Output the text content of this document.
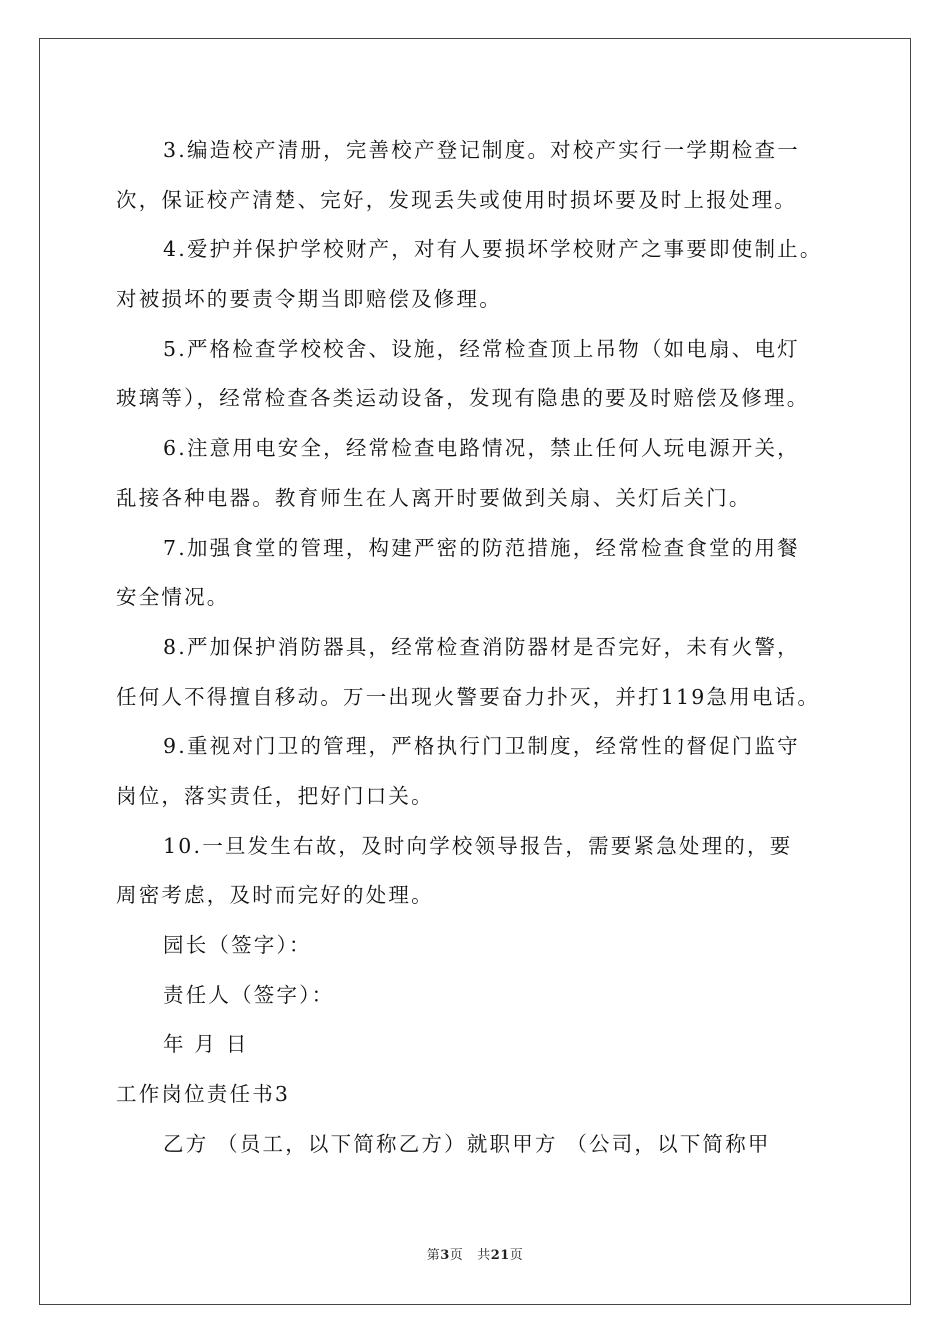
3.编造校产清册，完善校产登记制度。对校产实行一学期检查一
次，保证校产清楚、完好，发现丢失或使用时损坏要及时上报处理。
4.爱护并保护学校财产，对有人要损坏学校财产之事要即使制止。
对被损坏的要责令期当即赔偿及修理。
5.严格检查学校校舍、设施，经常检查顶上吊物（如电扇、电灯
玻璃等），经常检查各类运动设备，发现有隐患的要及时赔偿及修理。
6.注意用电安全，经常检查电路情况，禁止任何人玩电源开关，
乱接各种电器。教育师生在人离开时要做到关扇、关灯后关门。
7.加强食堂的管理，构建严密的防范措施，经常检查食堂的用餐
安全情况。
8.严加保护消防器具，经常检查消防器材是否完好，未有火警，
任何人不得擅自移动。万一出现火警要奋力扑灭，并打119急用电话。
9.重视对门卫的管理，严格执行门卫制度，经常性的督促门监守
岗位，落实责任，把好门口关。
10.一旦发生右故，及时向学校领导报告，需要紧急处理的，要
周密考虑，及时而完好的处理。
园长（签字）：
责任人（签字）：
年 月 日
工作岗位责任书3
乙方 （员工，以下简称乙方）就职甲方 （公司，以下简称甲
第3页 共21页
